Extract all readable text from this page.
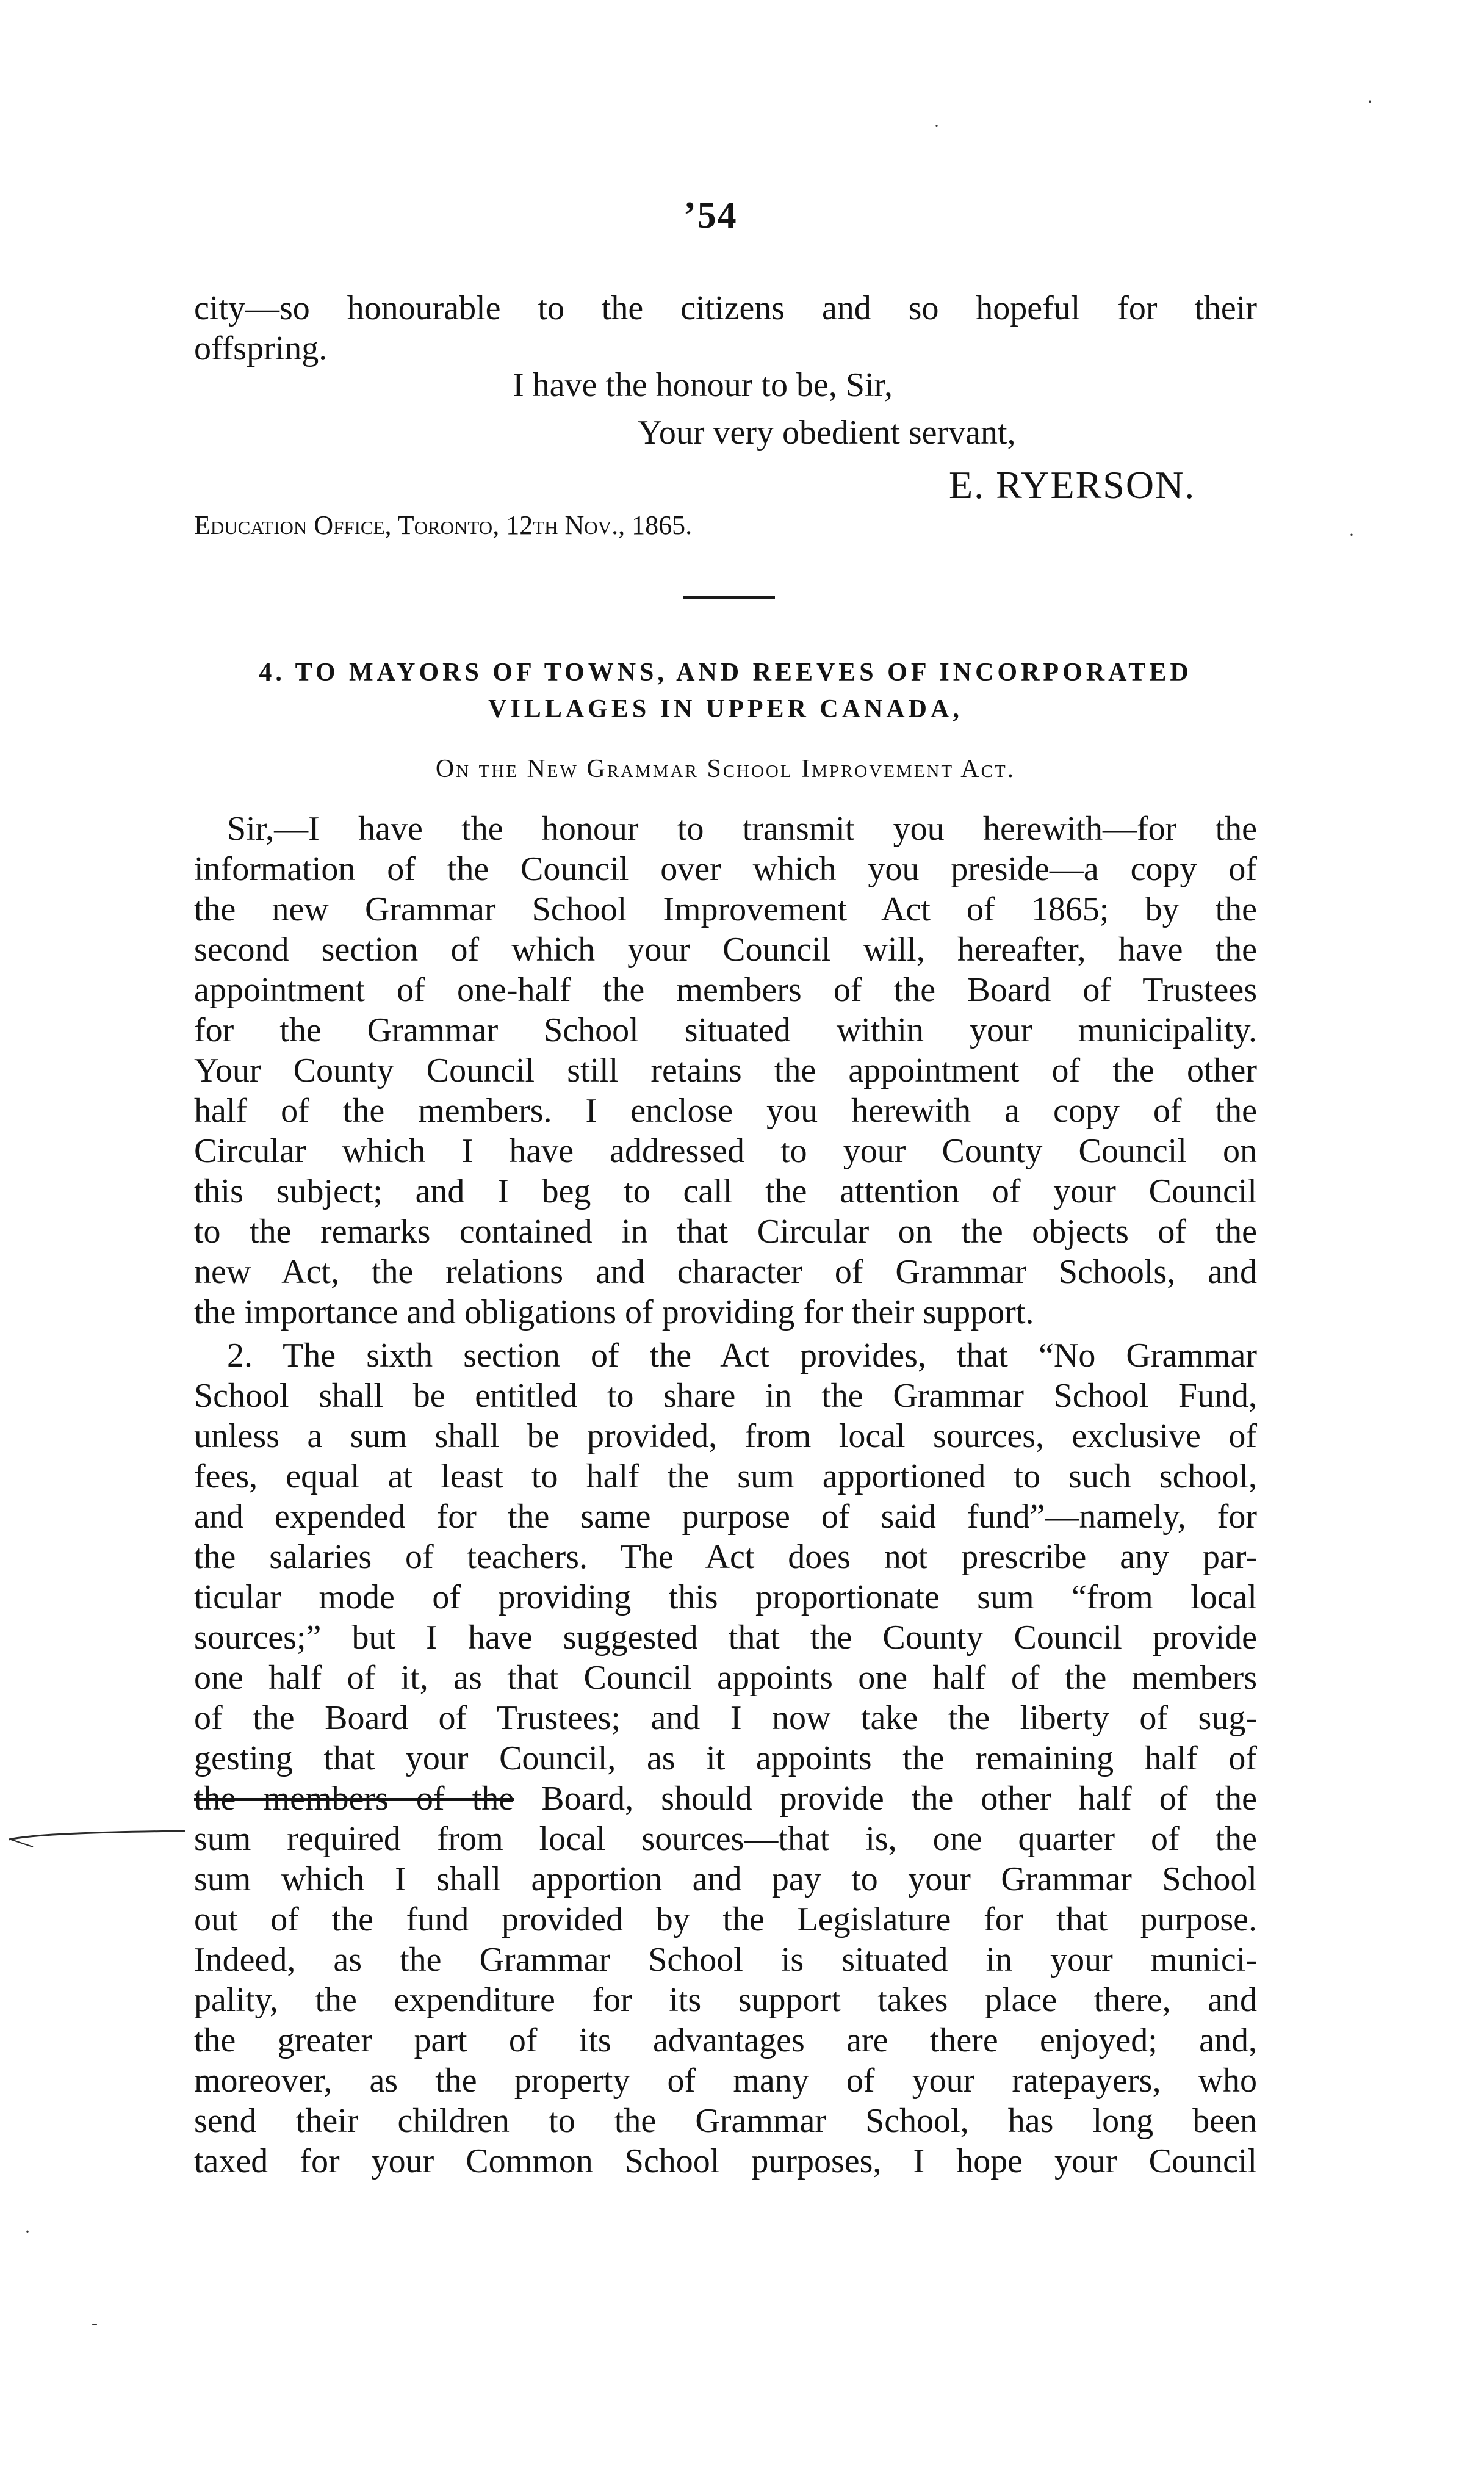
’54
city—so honourable to the citizens and so hopeful for their
offspring.
I have the honour to be, Sir,
Your very obedient servant,
E. RYERSON.
Education Office, Toronto, 12th Nov., 1865.
4. TO MAYORS OF TOWNS, AND REEVES OF INCORPORATED
VILLAGES IN UPPER CANADA,
On the New Grammar School Improvement Act.
Sir,—I have the honour to transmit you herewith—for the
information of the Council over which you preside—a copy of
the new Grammar School Improvement Act of 1865; by the
second section of which your Council will, hereafter, have the
appointment of one-half the members of the Board of Trustees
for the Grammar School situated within your municipality.
Your County Council still retains the appointment of the other
half of the members. I enclose you herewith a copy of the
Circular which I have addressed to your County Council on
this subject; and I beg to call the attention of your Council
to the remarks contained in that Circular on the objects of the
new Act, the relations and character of Grammar Schools, and
the importance and obligations of providing for their support.
2. The sixth section of the Act provides, that “No Grammar
School shall be entitled to share in the Grammar School Fund,
unless a sum shall be provided, from local sources, exclusive of
fees, equal at least to half the sum apportioned to such school,
and expended for the same purpose of said fund”—namely, for
the salaries of teachers. The Act does not prescribe any par-
ticular mode of providing this proportionate sum “from local
sources;” but I have suggested that the County Council provide
one half of it, as that Council appoints one half of the members
of the Board of Trustees; and I now take the liberty of sug-
gesting that your Council, as it appoints the remaining half of
the members of the Board, should provide the other half of the
sum required from local sources—that is, one quarter of the
sum which I shall apportion and pay to your Grammar School
out of the fund provided by the Legislature for that purpose.
Indeed, as the Grammar School is situated in your munici-
pality, the expenditure for its support takes place there, and
the greater part of its advantages are there enjoyed; and,
moreover, as the property of many of your ratepayers, who
send their children to the Grammar School, has long been
taxed for your Common School purposes, I hope your Council
·
·
·
·
-
